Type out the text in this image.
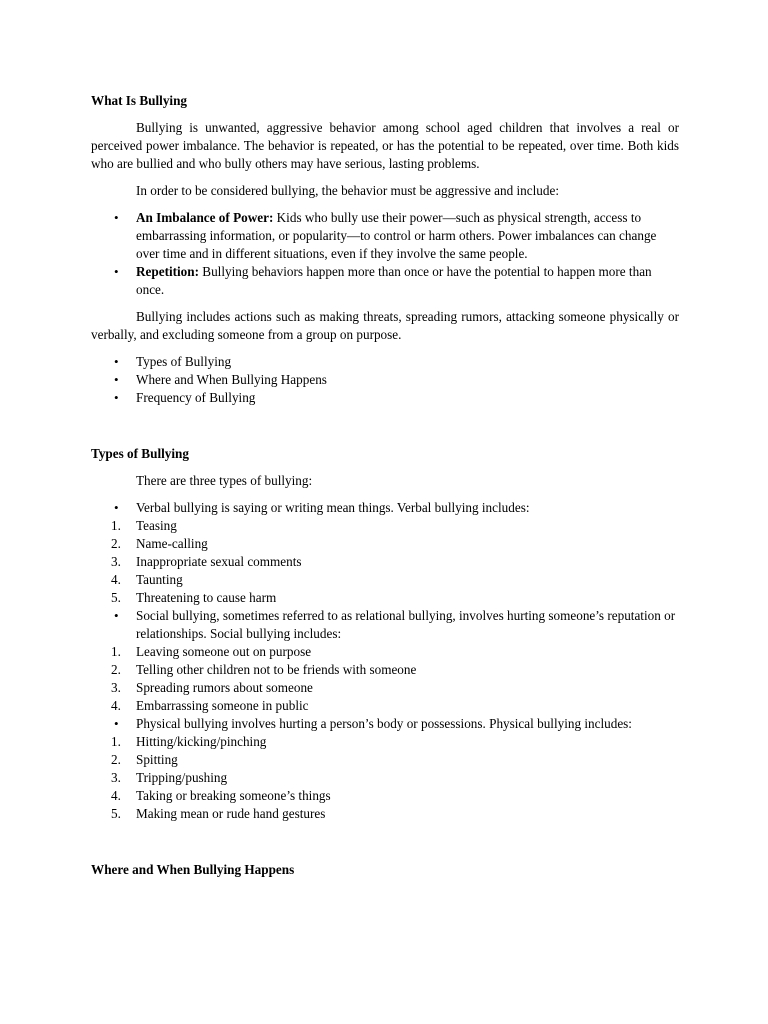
What Is Bullying

Bullying is unwanted, aggressive behavior among school aged children that involves a real or perceived power imbalance. The behavior is repeated, or has the potential to be repeated, over time. Both kids who are bullied and who bully others may have serious, lasting problems.

In order to be considered bullying, the behavior must be aggressive and include:

• An Imbalance of Power: Kids who bully use their power—such as physical strength, access to embarrassing information, or popularity—to control or harm others. Power imbalances can change over time and in different situations, even if they involve the same people.
• Repetition: Bullying behaviors happen more than once or have the potential to happen more than once.

Bullying includes actions such as making threats, spreading rumors, attacking someone physically or verbally, and excluding someone from a group on purpose.

• Types of Bullying
• Where and When Bullying Happens
• Frequency of Bullying
Types of Bullying

There are three types of bullying:

• Verbal bullying is saying or writing mean things. Verbal bullying includes:
1. Teasing
2. Name-calling
3. Inappropriate sexual comments
4. Taunting
5. Threatening to cause harm
• Social bullying, sometimes referred to as relational bullying, involves hurting someone’s reputation or relationships. Social bullying includes:
1. Leaving someone out on purpose
2. Telling other children not to be friends with someone
3. Spreading rumors about someone
4. Embarrassing someone in public
• Physical bullying involves hurting a person’s body or possessions. Physical bullying includes:
1. Hitting/kicking/pinching
2. Spitting
3. Tripping/pushing
4. Taking or breaking someone’s things
5. Making mean or rude hand gestures
Where and When Bullying Happens
